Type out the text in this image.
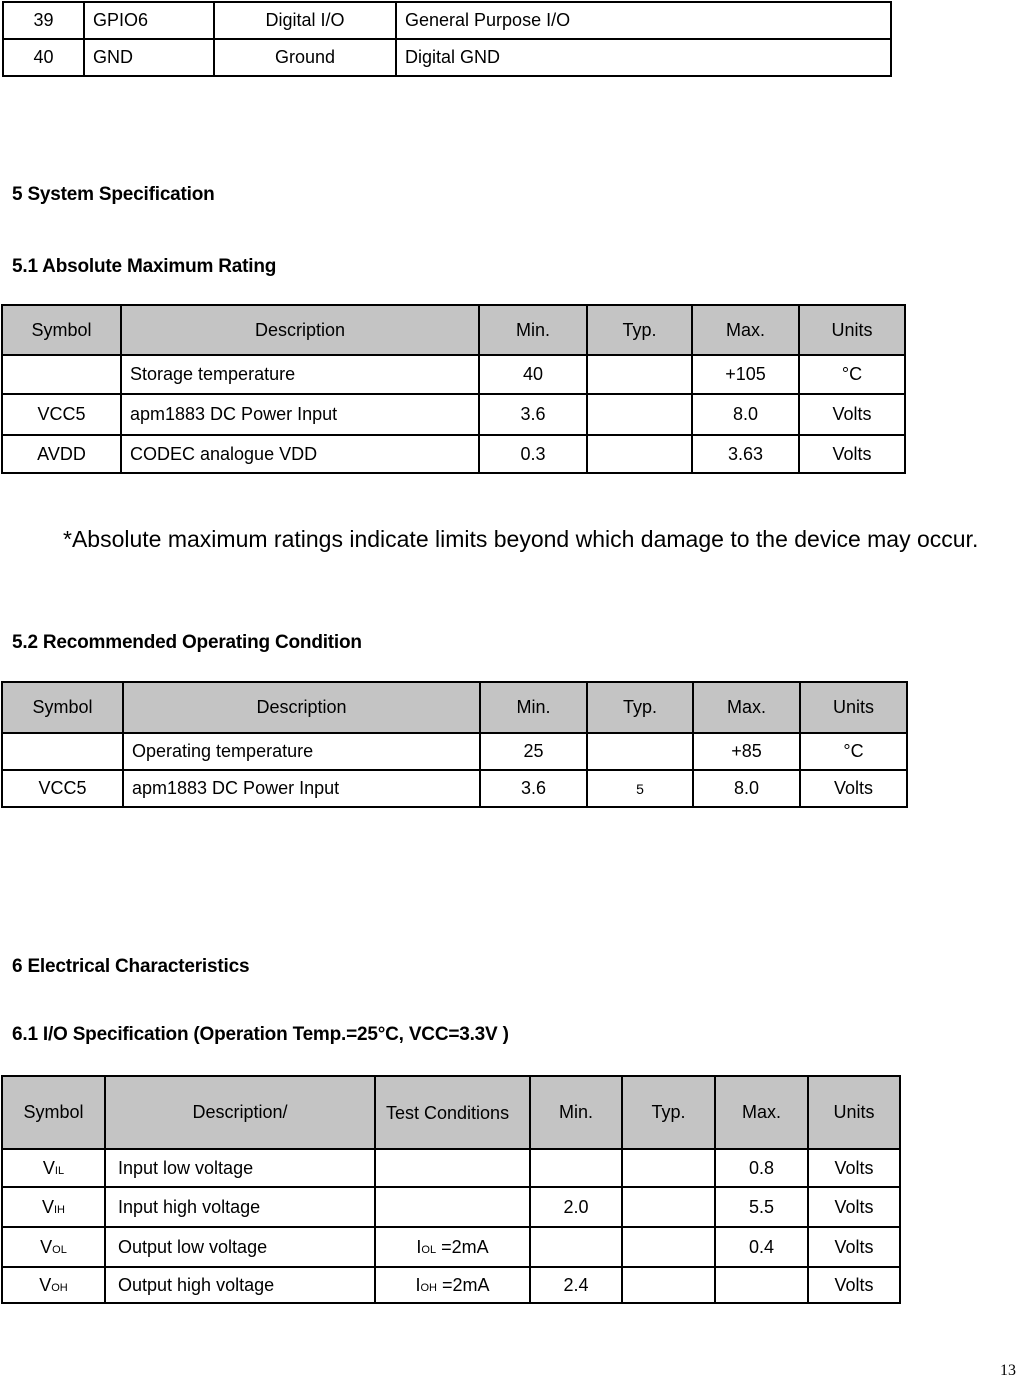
39	GPIO6	Digital I/O	General Purpose I/O
40	GND	Ground	Digital GND
5 System Specification
5.1 Absolute Maximum Rating
Symbol	Description	Min.	Typ.	Max.	Units
	Storage temperature	40		+105	°C
VCC5	apm1883 DC Power Input	3.6		8.0	Volts
AVDD	CODEC analogue VDD	0.3		3.63	Volts

*Absolute maximum ratings indicate limits beyond which damage to the device may occur.

5.2 Recommended Operating Condition
Symbol	Description	Min.	Typ.	Max.	Units
	Operating temperature	25		+85	°C
VCC5	apm1883 DC Power Input	3.6	5	8.0	Volts
6 Electrical Characteristics
6.1 I/O Specification (Operation Temp.=25°C, VCC=3.3V )
Symbol	Description/	Test Conditions	Min.	Typ.	Max.	Units
VIL	Input low voltage				0.8	Volts
VIH	Input high voltage		2.0		5.5	Volts
VOL	Output low voltage	IOL =2mA			0.4	Volts
VOH	Output high voltage	IOH =2mA	2.4			Volts
13
